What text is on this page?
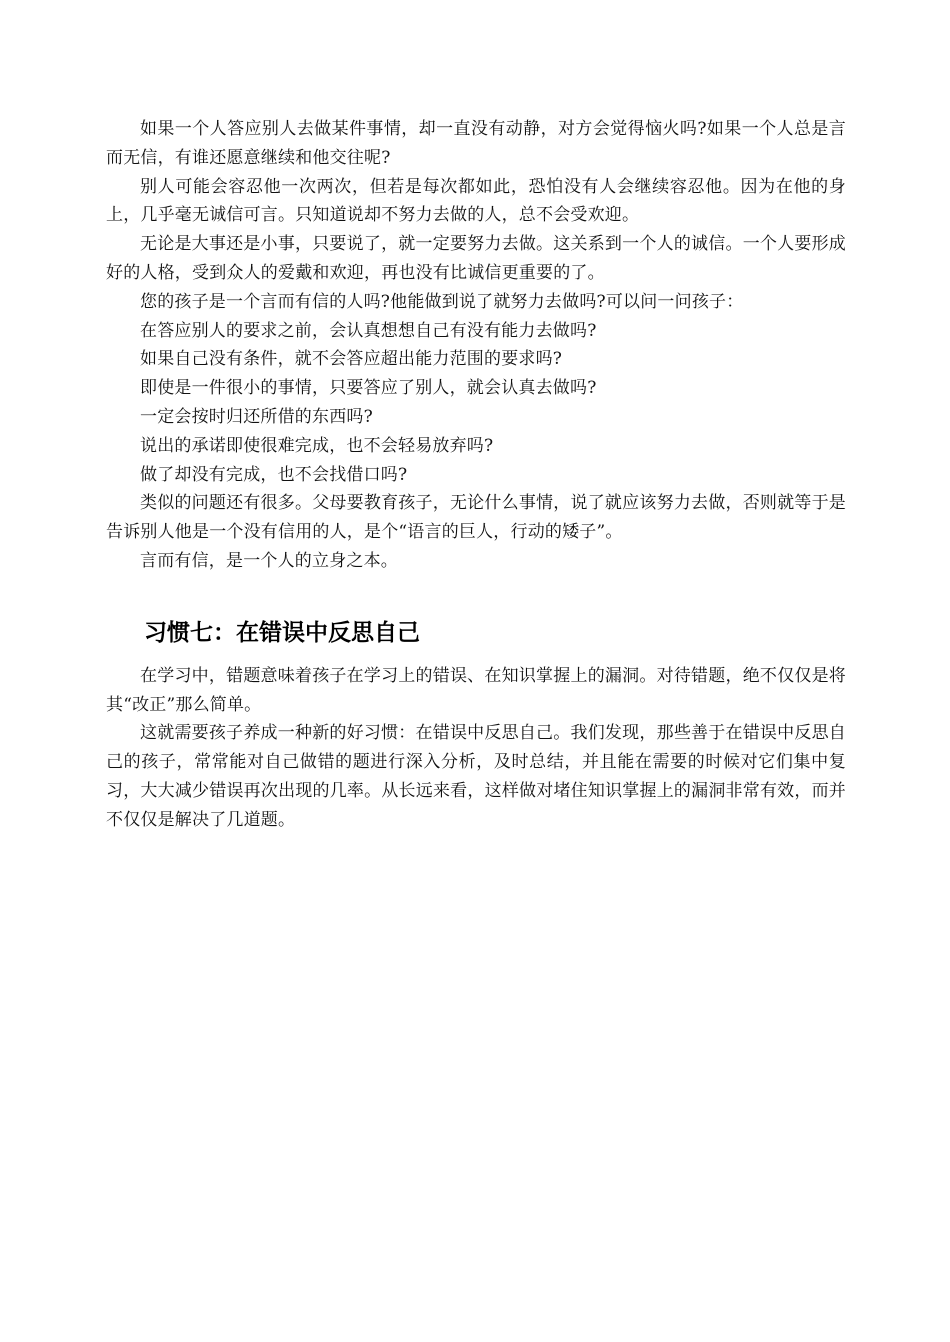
如果一个人答应别人去做某件事情，却一直没有动静，对方会觉得恼火吗?如果一个人总是言而无信，有谁还愿意继续和他交往呢?

别人可能会容忍他一次两次，但若是每次都如此，恐怕没有人会继续容忍他。因为在他的身上，几乎毫无诚信可言。只知道说却不努力去做的人，总不会受欢迎。

无论是大事还是小事，只要说了，就一定要努力去做。这关系到一个人的诚信。一个人要形成好的人格，受到众人的爱戴和欢迎，再也没有比诚信更重要的了。

您的孩子是一个言而有信的人吗?他能做到说了就努力去做吗?可以问一问孩子：

在答应别人的要求之前，会认真想想自己有没有能力去做吗?

如果自己没有条件，就不会答应超出能力范围的要求吗?

即使是一件很小的事情，只要答应了别人，就会认真去做吗?

一定会按时归还所借的东西吗?

说出的承诺即使很难完成，也不会轻易放弃吗?

做了却没有完成，也不会找借口吗?

类似的问题还有很多。父母要教育孩子，无论什么事情，说了就应该努力去做，否则就等于是告诉别人他是一个没有信用的人，是个“语言的巨人，行动的矮子”。

言而有信，是一个人的立身之本。

习惯七：在错误中反思自己

在学习中，错题意味着孩子在学习上的错误、在知识掌握上的漏洞。对待错题，绝不仅仅是将其“改正”那么简单。

这就需要孩子养成一种新的好习惯：在错误中反思自己。我们发现，那些善于在错误中反思自己的孩子，常常能对自己做错的题进行深入分析，及时总结，并且能在需要的时候对它们集中复习，大大减少错误再次出现的几率。从长远来看，这样做对堵住知识掌握上的漏洞非常有效，而并不仅仅是解决了几道题。
